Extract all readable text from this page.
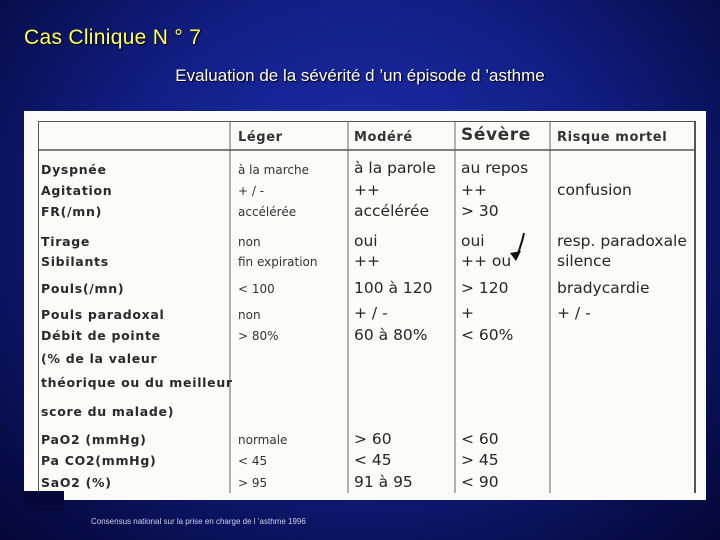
Cas Clinique N ° 7
Evaluation de la sévérité d ’un épisode d ’asthme
Léger	Modéré	Sévère Risque mortel
Dyspnée
Agitation
FR(/mn)
Tirage
Sibilants
Pouls(/mn)
Pouls paradoxal
Débit de pointe
(% de la valeur
théorique ou du meilleur
score du malade)
PaO2 (mmHg)
Pa CO2(mmHg)
SaO2 (%)
à la marche
+ / -
accélérée
non
fin expiration
< 100
non
> 80%
normale
< 45
> 95
à la parole
++
accélérée
oui
++
100 à 120
+ / -
60 à 80%
> 60
< 45
91 à 95
au repos
++
> 30
oui
++ ou
> 120
+
< 60%
< 60
> 45
< 90
confusion
resp. paradoxale
silence
bradycardie
+ / -

Consensus national sur la prise en charge de l ’asthme 1996
